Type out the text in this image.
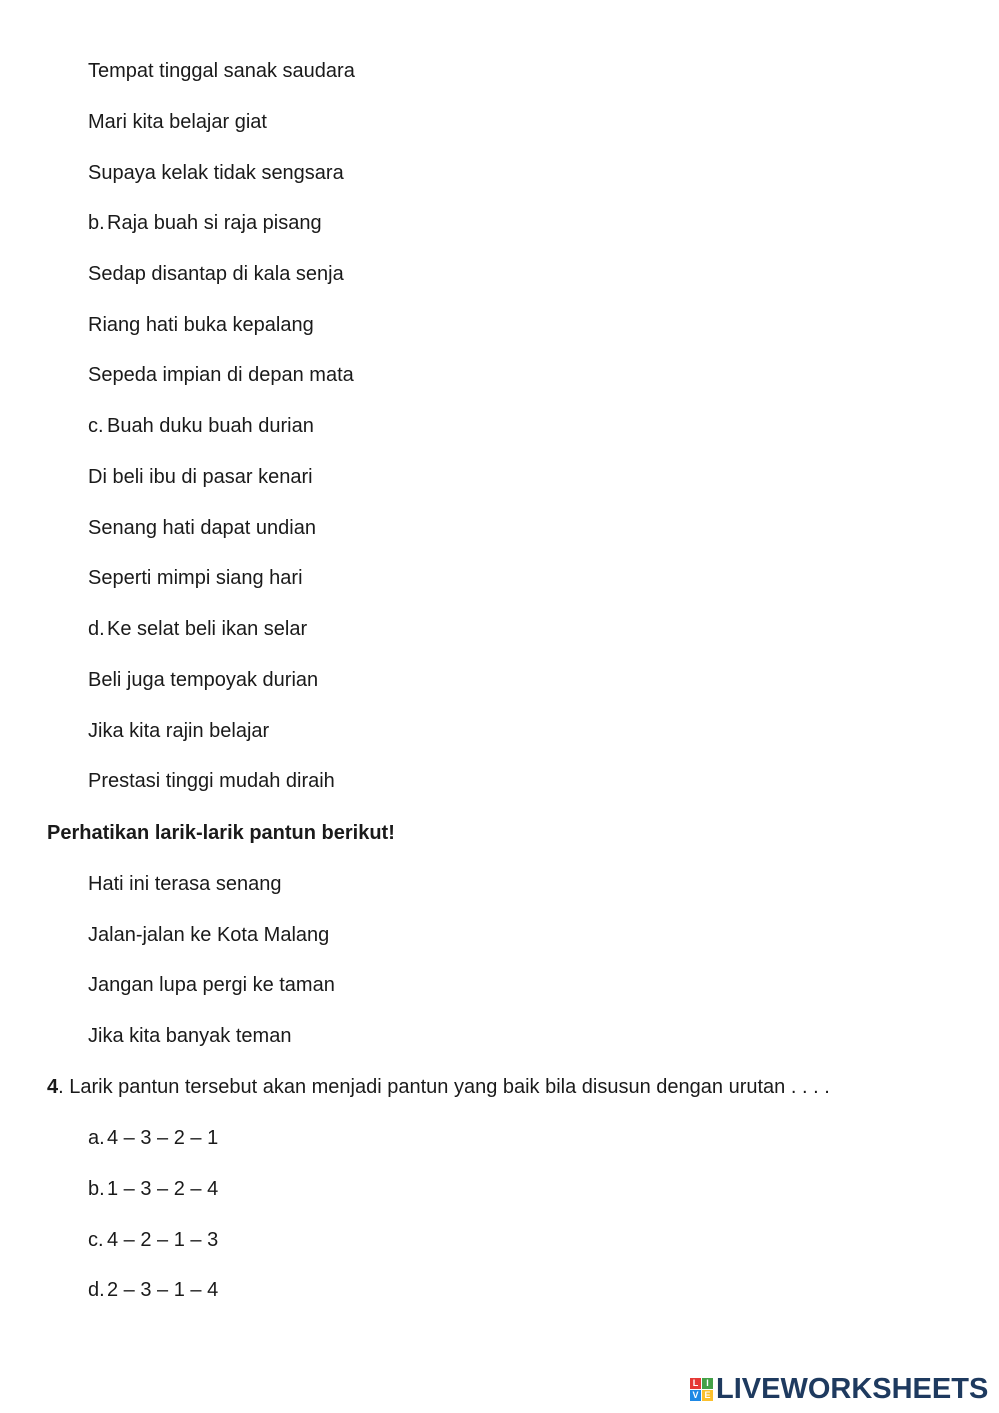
Tempat tinggal sanak saudara
Mari kita belajar giat
Supaya kelak tidak sengsara
b. Raja buah si raja pisang
Sedap disantap di kala senja
Riang hati buka kepalang
Sepeda impian di depan mata
c. Buah duku buah durian
Di beli ibu di pasar kenari
Senang hati dapat undian
Seperti mimpi siang hari
d. Ke selat beli ikan selar
Beli juga tempoyak durian
Jika kita rajin belajar
Prestasi tinggi mudah diraih
Perhatikan larik-larik pantun berikut!
Hati ini terasa senang
Jalan-jalan ke Kota Malang
Jangan lupa pergi ke taman
Jika kita banyak teman
4. Larik pantun tersebut akan menjadi pantun yang baik bila disusun dengan urutan . . . .
a. 4 – 3 – 2 – 1
b. 1 – 3 – 2 – 4
c. 4 – 2 – 1 – 3
d. 2 – 3 – 1 – 4
L I
V E LIVEWORKSHEETS
